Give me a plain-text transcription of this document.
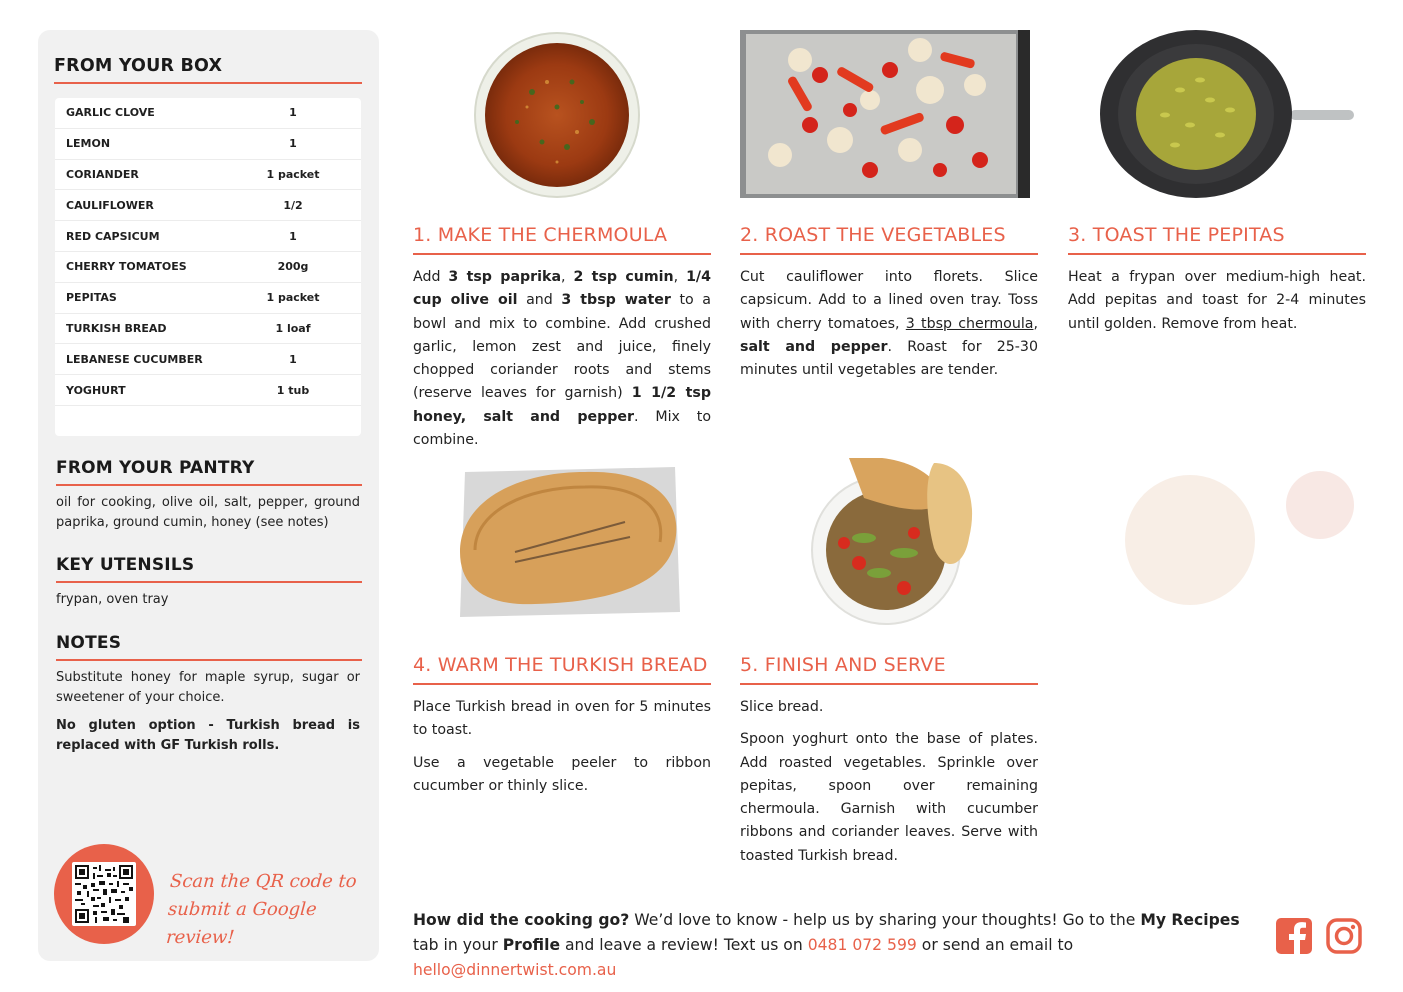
FROM YOUR BOX
GARLIC CLOVE	1
LEMON	1
CORIANDER	1 packet
CAULIFLOWER	1/2
RED CAPSICUM	1
CHERRY TOMATOES	200g
PEPITAS	1 packet
TURKISH BREAD	1 loaf
LEBANESE CUCUMBER	1
YOGHURT	1 tub
FROM YOUR PANTRY
oil for cooking, olive oil, salt, pepper, ground paprika, ground cumin, honey (see notes)
KEY UTENSILS
frypan, oven tray
NOTES
Substitute honey for maple syrup, sugar or sweetener of your choice.
No gluten option - Turkish bread is replaced with GF Turkish rolls.
Scan the QR code to
submit a Google review!
1. MAKE THE CHERMOULA	2. ROAST THE VEGETABLES	3. TOAST THE PEPITAS
4. WARM THE TURKISH BREAD 5. FINISH AND SERVE

Add 3 tsp paprika, 2 tsp cumin, 1/4 cup olive oil and 3 tbsp water to a bowl and mix to combine. Add crushed garlic, lemon zest and juice, finely chopped coriander roots and stems (reserve leaves for garnish) 1 1/2 tsp honey, salt and pepper. Mix to combine.

Cut cauliflower into florets. Slice capsicum. Add to a lined oven tray. Toss with cherry tomatoes, 3 tbsp chermoula, salt and pepper. Roast for 25-30 minutes until vegetables are tender.

Heat a frypan over medium-high heat. Add pepitas and toast for 2-4 minutes until golden. Remove from heat.

Place Turkish bread in oven for 5 minutes to toast.

Use a vegetable peeler to ribbon cucumber or thinly slice.

Slice bread.

Spoon yoghurt onto the base of plates. Add roasted vegetables. Sprinkle over pepitas, spoon over remaining chermoula. Garnish with cucumber ribbons and coriander leaves. Serve with toasted Turkish bread.

How did the cooking go? We’d love to know - help us by sharing your thoughts! Go to the My Recipes tab in your Profile and leave a review! Text us on 0481 072 599 or send an email to hello@dinnertwist.com.au
